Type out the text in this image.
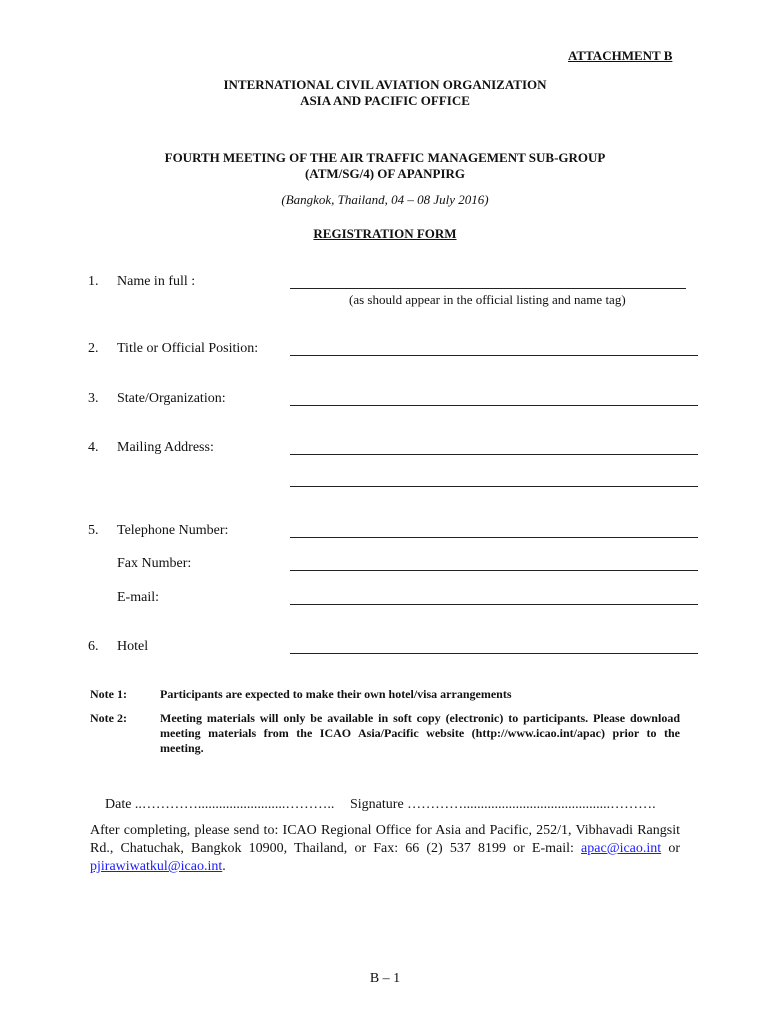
ATTACHMENT B
INTERNATIONAL CIVIL AVIATION ORGANIZATION
ASIA AND PACIFIC OFFICE
FOURTH MEETING OF THE AIR TRAFFIC MANAGEMENT SUB-GROUP
(ATM/SG/4) OF APANPIRG
(Bangkok, Thailand, 04 – 08 July 2016)
REGISTRATION FORM
1. Name in full :
(as should appear in the official listing and name tag)
2. Title or Official Position:
3. State/Organization:
4. Mailing Address:
5. Telephone Number:
Fax Number:
E-mail:
6. Hotel
Note 1:	Participants are expected to make their own hotel/visa arrangements
Note 2:	Meeting materials will only be available in soft copy (electronic) to participants. Please download meeting materials from the ICAO Asia/Pacific website (http://www.icao.int/apac) prior to the meeting.
Date ..………….........................……….. Signature …………..........................................……….
After completing, please send to: ICAO Regional Office for Asia and Pacific, 252/1, Vibhavadi Rangsit Rd., Chatuchak, Bangkok 10900, Thailand, or Fax: 66 (2) 537 8199 or E-mail: apac@icao.int or pjirawiwatkul@icao.int.
B – 1
